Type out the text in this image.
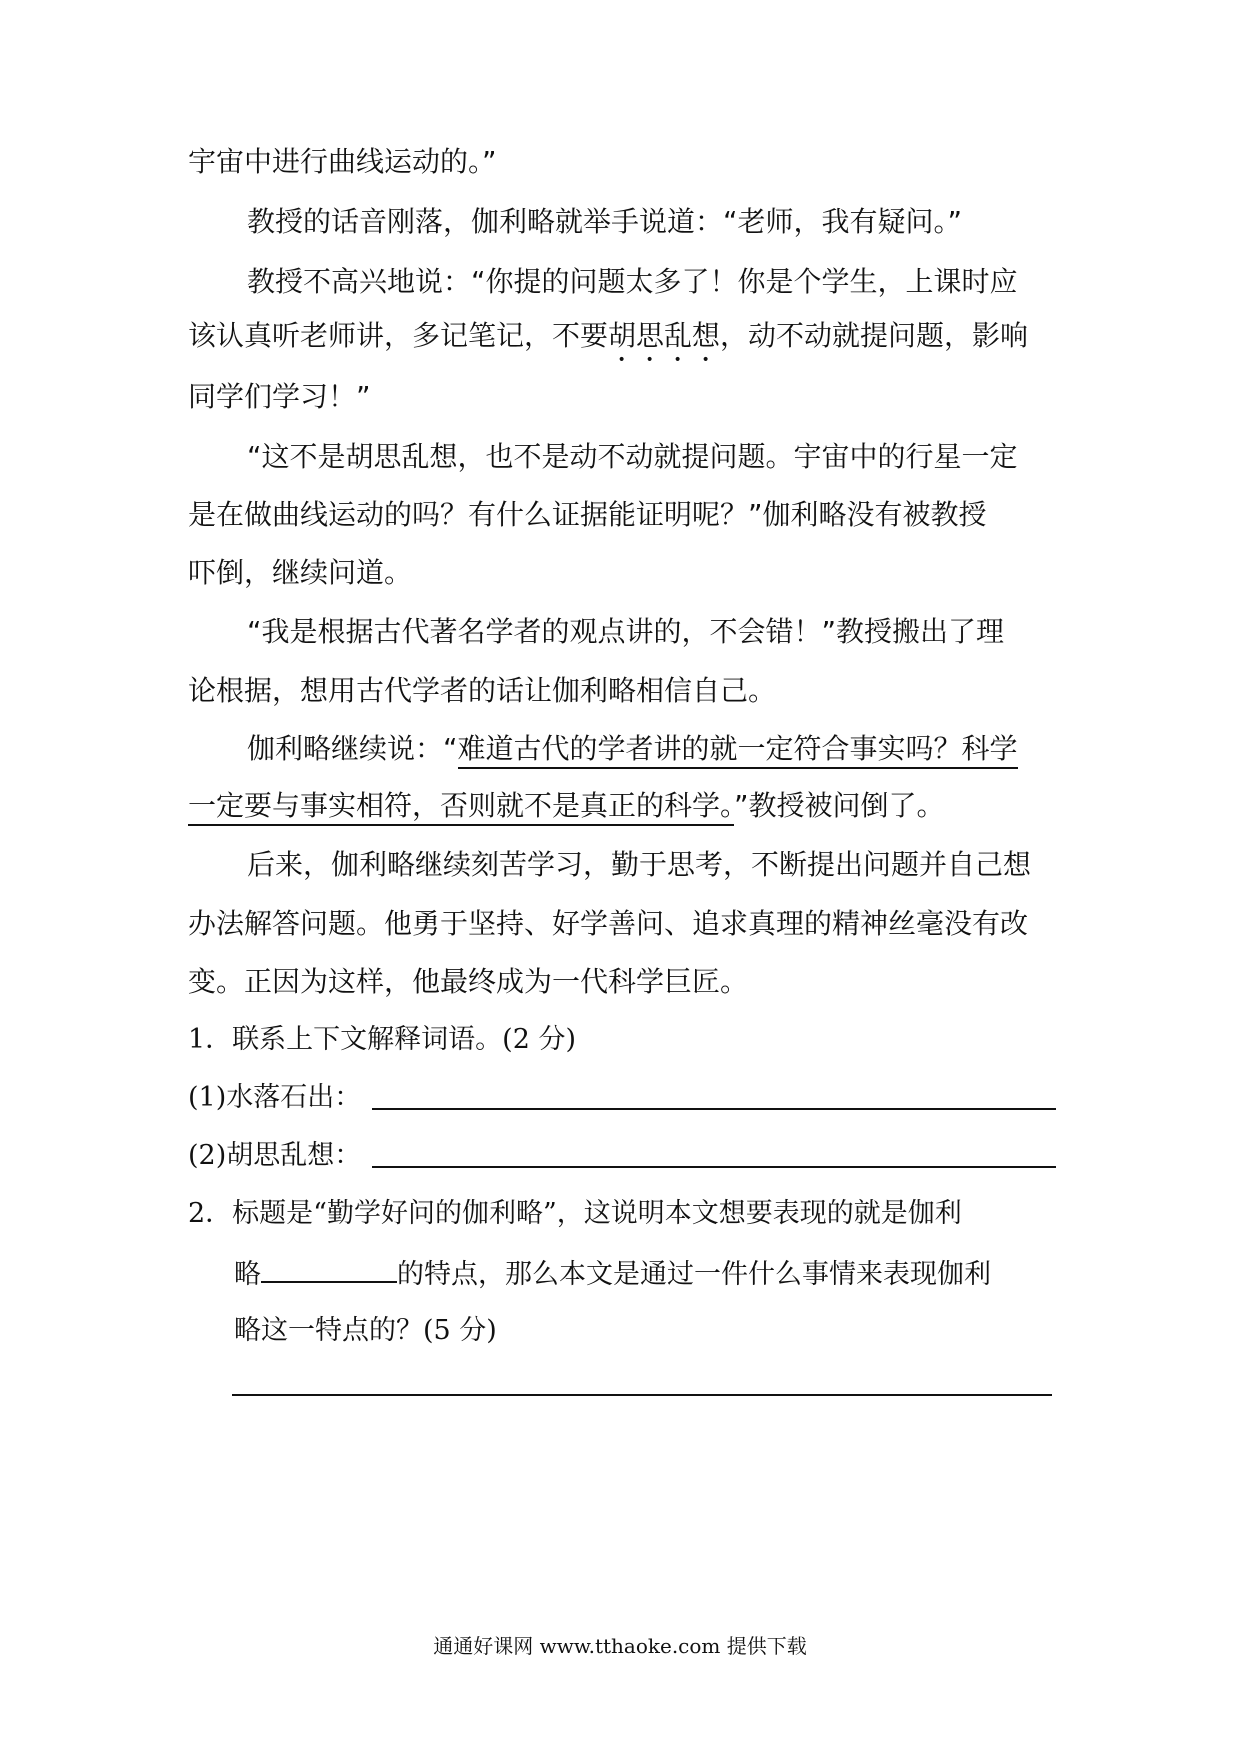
宇宙中进行曲线运动的。”
教授的话音刚落，伽利略就举手说道：“老师，我有疑问。”
教授不高兴地说：“你提的问题太多了！你是个学生，上课时应
该认真听老师讲，多记笔记，不要胡思乱想，动不动就提问题，影响
同学们学习！”
“这不是胡思乱想，也不是动不动就提问题。宇宙中的行星一定
是在做曲线运动的吗？有什么证据能证明呢？”伽利略没有被教授
吓倒，继续问道。
“我是根据古代著名学者的观点讲的，不会错！”教授搬出了理
论根据，想用古代学者的话让伽利略相信自己。
伽利略继续说：“难道古代的学者讲的就一定符合事实吗？科学
一定要与事实相符，否则就不是真正的科学。”教授被问倒了。
后来，伽利略继续刻苦学习，勤于思考，不断提出问题并自己想
办法解答问题。他勇于坚持、好学善问、追求真理的精神丝毫没有改
变。正因为这样，他最终成为一代科学巨匠。
1．联系上下文解释词语。(2 分)
(1)水落石出：
(2)胡思乱想：
2．标题是“勤学好问的伽利略”，这说明本文想要表现的就是伽利
略	的特点，那么本文是通过一件什么事情来表现伽利
略这一特点的？(5 分)
通通好课网 www.tthaoke.com 提供下载
